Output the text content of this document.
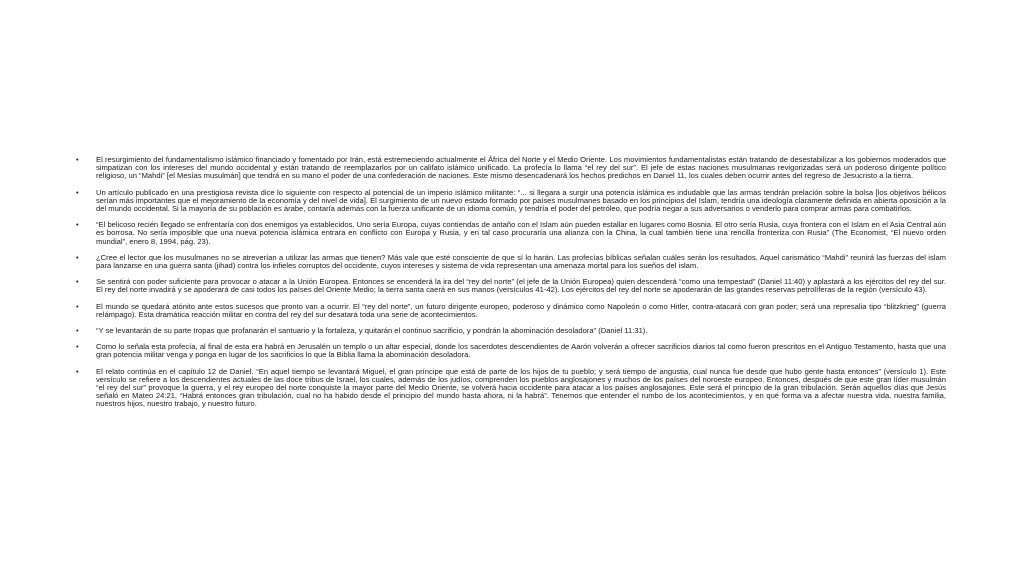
• El resurgimiento del fundamentalismo islámico financiado y fomentado por Irán, está estremeciendo actualmente el África del Norte y el Medio Oriente. Los movimientos fundamentalistas están tratando de desestabilizar a los gobiernos moderados que simpatizan con los intereses del mundo occidental y están tratando de reemplazarlos por un califato islámico unificado. La profecía lo llama “el rey del sur”. El jefe de estas naciones musulmanas revigorizadas será un poderoso dirigente político religioso, un “Mahdi” [el Mesías musulmán] que tendrá en su mano el poder de una confederación de naciones. Este mismo desencadenará los hechos predichos en Daniel 11, los cuales deben ocurrir antes del regreso de Jesucristo a la tierra.
• Un artículo publicado en una prestigiosa revista dice lo siguiente con respecto al potencial de un imperio islámico militante: “... si llegara a surgir una potencia islámica es indudable que las armas tendrán prelación sobre la bolsa [los objetivos bélicos serían más importantes que el mejoramiento de la economía y del nivel de vida]. El surgimiento de un nuevo estado formado por países musulmanes basado en los principios del Islam, tendría una ideología claramente definida en abierta oposición a la del mundo occidental. Si la mayoría de su población es árabe, contaría además con la fuerza unificante de un idioma común, y tendría el poder del petróleo, que podría negar a sus adversarios o venderlo para comprar armas para combatirlos.
• “El belicoso recién llegado se enfrentaría con dos enemigos ya establecidos. Uno sería Europa, cuyas contiendas de antaño con el Islam aún pueden estallar en lugares como Bosnia. El otro sería Rusia, cuya frontera con el Islam en el Asia Central aún es borrosa. No sería imposible que una nueva potencia islámica entrara en conflicto con Europa y Rusia, y en tal caso procuraría una alianza con la China, la cual también tiene una rencilla fronteriza con Rusia” (The Economist, “El nuevo orden mundial”, enero 8, 1994, pág. 23).
• ¿Cree el lector que los musulmanes no se atreverían a utilizar las armas que tienen? Más vale que esté consciente de que sí lo harán. Las profecías bíblicas señalan cuáles serán los resultados. Aquel carismático “Mahdi” reunirá las fuerzas del islam para lanzarse en una guerra santa (jihad) contra los infieles corruptos del occidente, cuyos intereses y sistema de vida representan una amenaza mortal para los sueños del islam.
• Se sentirá con poder suficiente para provocar o atacar a la Unión Europea. Entonces se encenderá la ira del “rey del norte” (el jefe de la Unión Europea) quien descenderá “como una tempestad” (Daniel 11:40) y aplastará a los ejércitos del rey del sur. El rey del norte invadirá y se apoderará de casi todos los países del Oriente Medio; la tierra santa caerá en sus manos (versículos 41-42). Los ejércitos del rey del norte se apoderarán de las grandes reservas petrolíferas de la región (versículo 43).
• El mundo se quedará atónito ante estos sucesos que pronto van a ocurrir. El “rey del norte”, un futuro dirigente europeo, poderoso y dinámico como Napoleón o como Hitler, contra-atacará con gran poder; será una represalia tipo “blitzkrieg” (guerra relámpago). Esta dramática reacción militar en contra del rey del sur desatará toda una serie de acontecimientos.
• “Y se levantarán de su parte tropas que profanarán el santuario y la fortaleza, y quitarán el continuo sacrificio, y pondrán la abominación desoladora” (Daniel 11:31).
• Como lo señala esta profecía, al final de esta era habrá en Jerusalén un templo o un altar especial, donde los sacerdotes descendientes de Aarón volverán a ofrecer sacrificios diarios tal como fueron prescritos en el Antiguo Testamento, hasta que una gran potencia militar venga y ponga en lugar de los sacrificios lo que la Biblia llama la abominación desoladora.
• El relato continúa en el capítulo 12 de Daniel. “En aquel tiempo se levantará Miguel, el gran príncipe que está de parte de los hijos de tu pueblo; y será tiempo de angustia, cual nunca fue desde que hubo gente hasta entonces” (versículo 1). Este versículo se refiere a los descendientes actuales de las doce tribus de Israel, los cuales, además de los judíos, comprenden los pueblos anglosajones y muchos de los países del noroeste europeo. Entonces, después de que este gran líder musulmán “el rey del sur” provoque la guerra, y el rey europeo del norte conquiste la mayor parte del Medio Oriente, se volverá hacia occidente para atacar a los países anglosajones. Este será el principio de la gran tribulación. Serán aquellos días que Jesús señaló en Mateo 24:21, “Habrá entonces gran tribulación, cual no ha habido desde el principio del mundo hasta ahora, ni la habrá”. Tenemos que entender el rumbo de los acontecimientos, y en qué forma va a afectar nuestra vida, nuestra familia, nuestros hijos, nuestro trabajo, y nuestro futuro.
